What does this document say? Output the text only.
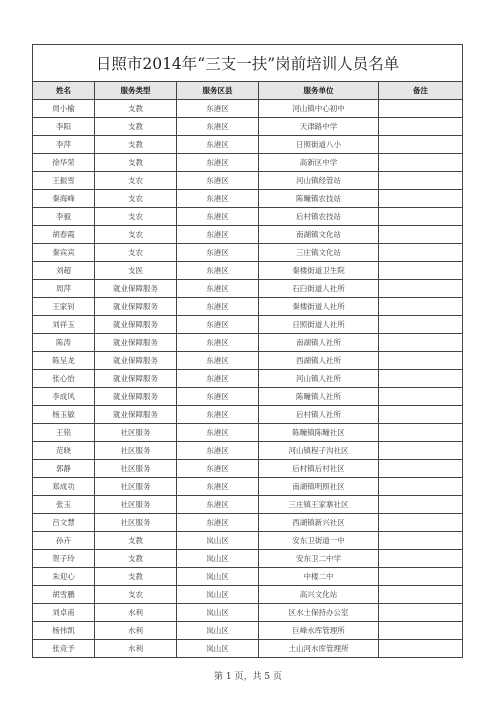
日照市2014年“三支一扶”岗前培训人员名单				
姓名	服务类型	服务区县	服务单位	备注
周小榆	支教	东港区	河山镇中心初中	
李阳	支教	东港区	天津路中学	
李萍	支教	东港区	日照街道八小	
徐华荣	支教	东港区	高新区中学	
王振雪	支农	东港区	河山镇经管站	
秦海峰	支农	东港区	陈疃镇农技站	
李毅	支农	东港区	后村镇农技站	
胡春霞	支农	东港区	南湖镇文化站	
秦宾宾	支农	东港区	三庄镇文化站	
刘超	支医	东港区	秦楼街道卫生院	
周萍	就业保障服务	东港区	石臼街道人社所	
王家钊	就业保障服务	东港区	秦楼街道人社所	
刘祥玉	就业保障服务	东港区	日照街道人社所	
陈涛	就业保障服务	东港区	南湖镇人社所	
陈呈龙	就业保障服务	东港区	西湖镇人社所	
张心怡	就业保障服务	东港区	河山镇人社所	
李成风	就业保障服务	东港区	陈疃镇人社所	
杨玉敏	就业保障服务	东港区	后村镇人社所	
王铭	社区服务	东港区	陈疃镇陈疃社区	
范晓	社区服务	东港区	河山镇程子沟社区	
郭静	社区服务	东港区	后村镇后村社区	
郑成功	社区服务	东港区	南湖镇明照社区	
张玉	社区服务	东港区	三庄镇王家寨社区	
吕文慧	社区服务	东港区	西湖镇新兴社区	
孙卉	支教	岚山区	安东卫街道一中	
贺子玲	支教	岚山区	安东卫二中学	
朱迎心	支教	岚山区	中楼二中	
胡雪鹏	支农	岚山区	高兴文化站	
刘卓甫	水利	岚山区	区水土保持办公室	
杨伟凯	水利	岚山区	巨峰水库管理所	
张竞予	水利	岚山区	土山河水库管理所	
第 1 页，共 5 页
